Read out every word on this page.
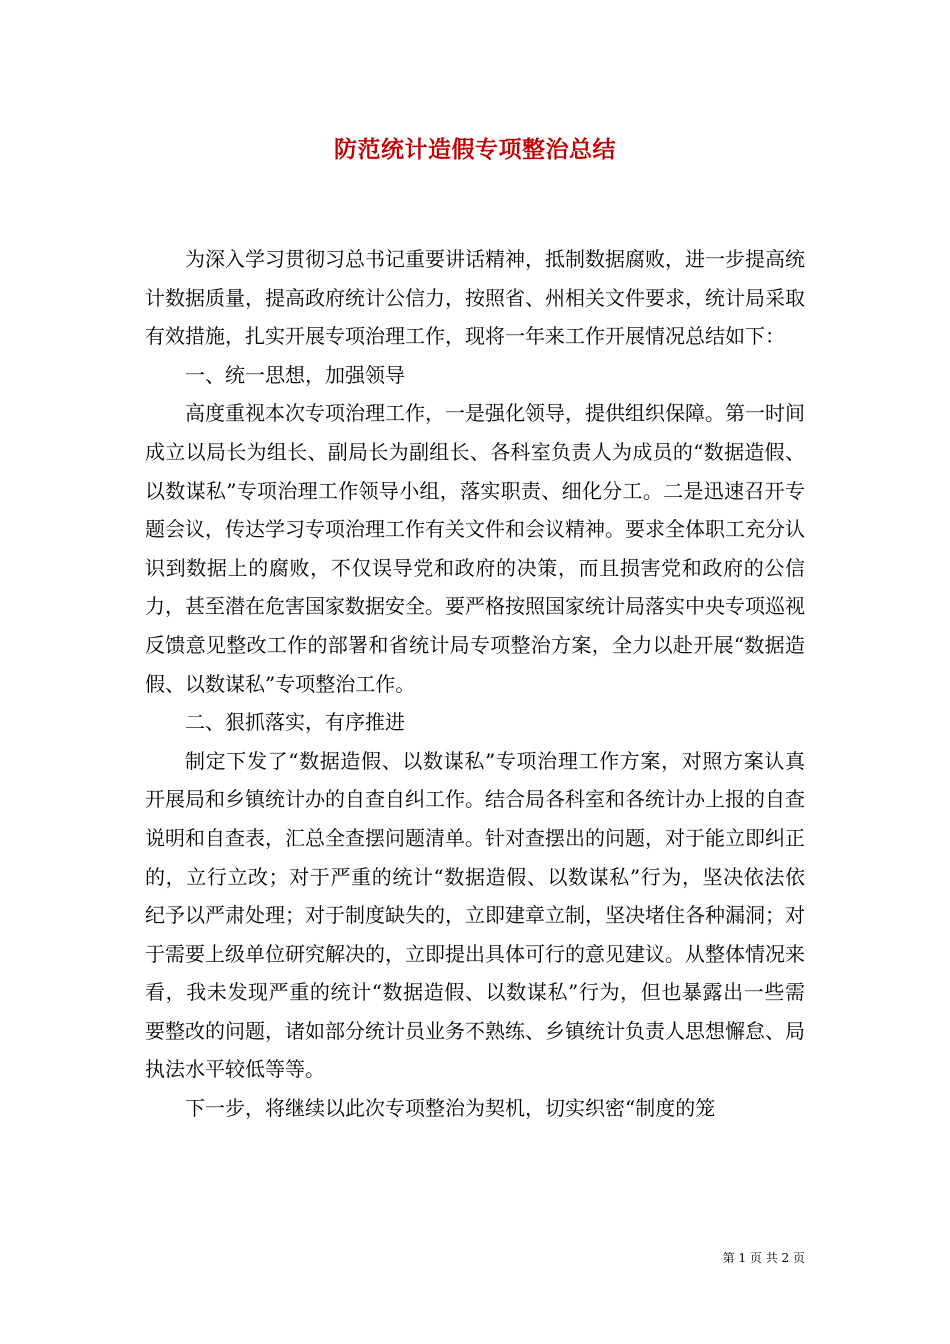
防范统计造假专项整治总结

为深入学习贯彻习总书记重要讲话精神，抵制数据腐败，进一步提高统计数据质量，提高政府统计公信力，按照省、州相关文件要求，统计局采取有效措施，扎实开展专项治理工作，现将一年来工作开展情况总结如下：

一、统一思想，加强领导

高度重视本次专项治理工作，一是强化领导，提供组织保障。第一时间成立以局长为组长、副局长为副组长、各科室负责人为成员的“数据造假、以数谋私”专项治理工作领导小组，落实职责、细化分工。二是迅速召开专题会议，传达学习专项治理工作有关文件和会议精神。要求全体职工充分认识到数据上的腐败，不仅误导党和政府的决策，而且损害党和政府的公信力，甚至潜在危害国家数据安全。要严格按照国家统计局落实中央专项巡视反馈意见整改工作的部署和省统计局专项整治方案，全力以赴开展“数据造假、以数谋私”专项整治工作。

二、狠抓落实，有序推进

制定下发了“数据造假、以数谋私”专项治理工作方案，对照方案认真开展局和乡镇统计办的自查自纠工作。结合局各科室和各统计办上报的自查说明和自查表，汇总全查摆问题清单。针对查摆出的问题，对于能立即纠正的，立行立改；对于严重的统计“数据造假、以数谋私”行为，坚决依法依纪予以严肃处理；对于制度缺失的，立即建章立制，坚决堵住各种漏洞；对于需要上级单位研究解决的，立即提出具体可行的意见建议。从整体情况来看，我未发现严重的统计“数据造假、以数谋私”行为，但也暴露出一些需要整改的问题，诸如部分统计员业务不熟练、乡镇统计负责人思想懈怠、局执法水平较低等等。

下一步，将继续以此次专项整治为契机，切实织密“制度的笼

第 1 页 共 2 页
